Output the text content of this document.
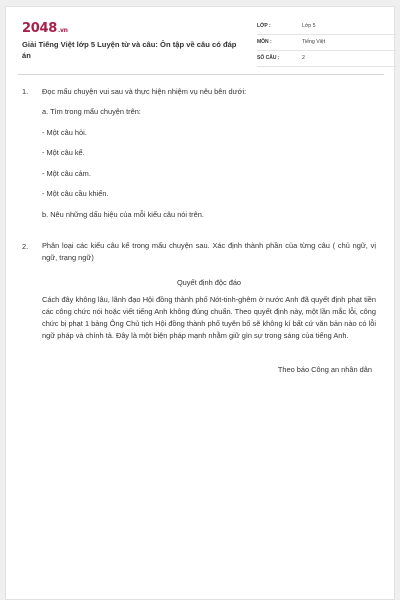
2048.vn
Giải Tiếng Việt lớp 5 Luyện từ và câu: Ôn tập về câu có đáp án
LỚP :	Lớp 5
MÔN :	Tiếng Việt
SỐ CÂU :	2
1. Đọc mẩu chuyện vui sau và thực hiện nhiệm vụ nêu bên dưới:
a. Tìm trong mẩu chuyện trên:
- Một câu hỏi.
- Một câu kể.
- Một câu cảm.
- Một câu cầu khiến.
b. Nêu những dấu hiệu của mỗi kiểu câu nói trên.
2. Phân loại các kiểu câu kể trong mẩu chuyện sau. Xác định thành phần của từng câu ( chủ ngữ, vị ngữ, trạng ngữ)
Quyết định độc đáo
Cách đây không lâu, lãnh đạo Hội đồng thành phố Nót-tinh-ghêm ở nước Anh đã quyết định phạt tiền các công chức nói hoặc viết tiếng Anh không đúng chuẩn. Theo quyết định này, một lần mắc lỗi, công chức bị phạt 1 bảng Ông Chủ tịch Hội đồng thành phố tuyên bố sẽ không kí bất cứ văn bản nào có lỗi ngữ pháp và chính tả. Đây là một biện pháp mạnh nhằm giữ gìn sự trong sáng của tiếng Anh.
Theo báo Công an nhân dân
